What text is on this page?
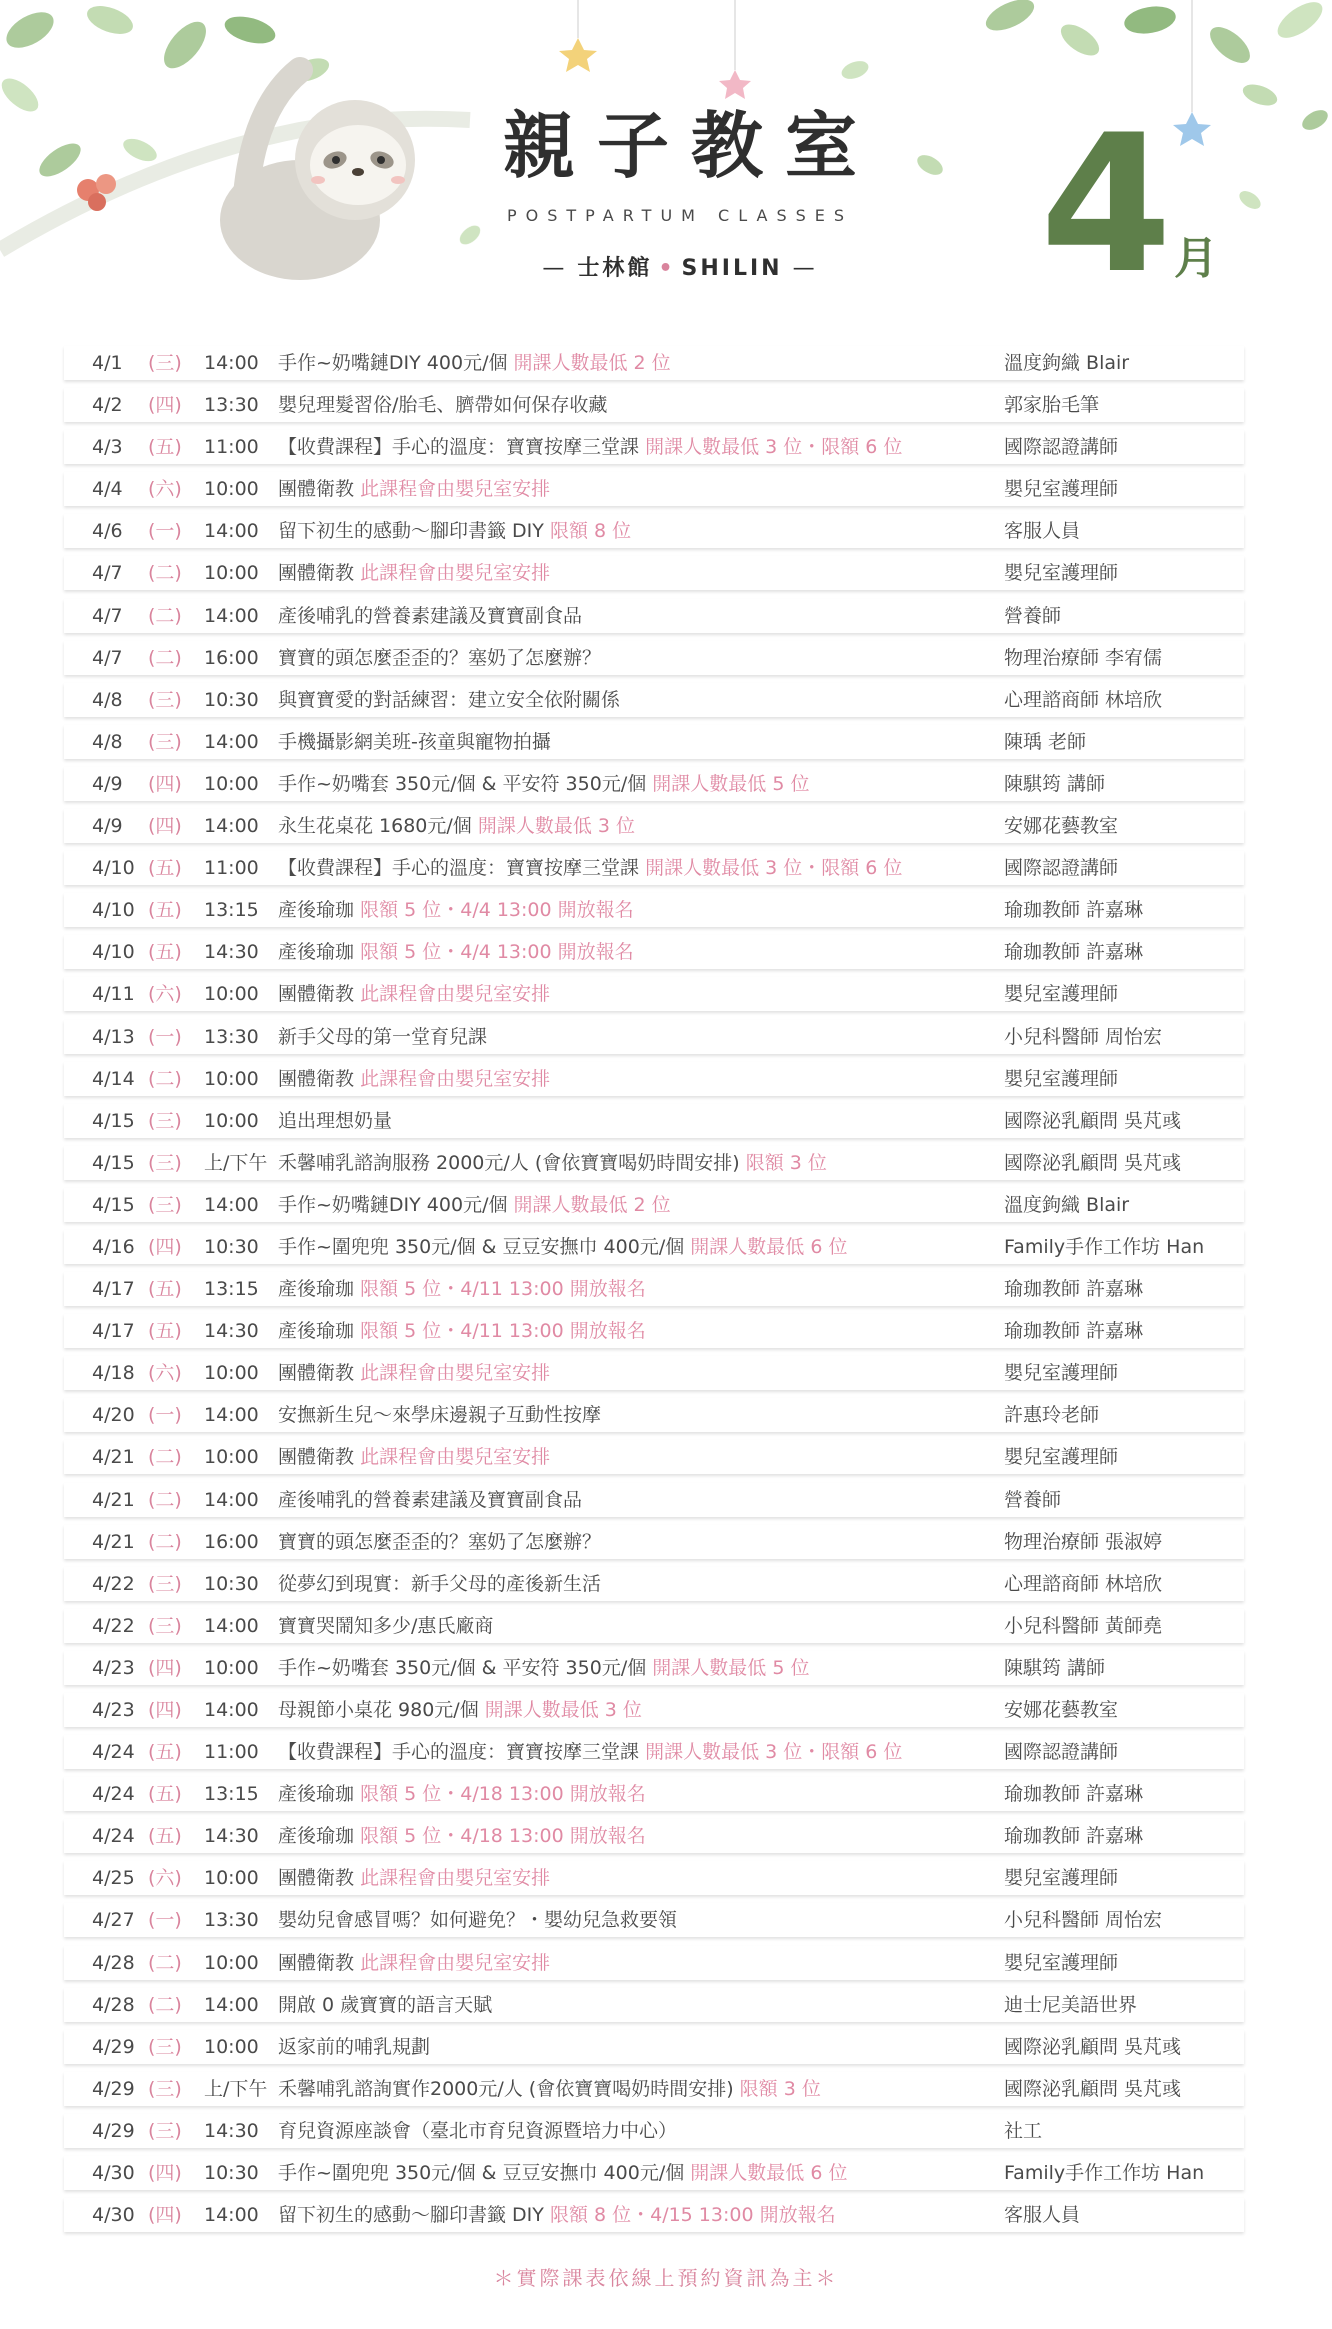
親子教室
POSTPARTUM CLASSES
— 士林館 • SHILIN —	4 月
4/1 (三) 14:00 手作~奶嘴鏈DIY 400元/個 開課人數最低 2 位	溫度鉤織 Blair
4/2 (四) 13:30 嬰兒理髮習俗/胎毛、臍帶如何保存收藏	郭家胎毛筆
4/3 (五) 11:00 【收費課程】手心的溫度：寶寶按摩三堂課 開課人數最低 3 位・限額 6 位	國際認證講師
4/4 (六) 10:00 團體衛教 此課程會由嬰兒室安排	嬰兒室護理師
4/6 (一) 14:00 留下初生的感動～腳印書籤 DIY 限額 8 位	客服人員
4/7 (二) 10:00 團體衛教 此課程會由嬰兒室安排	嬰兒室護理師
4/7 (二) 14:00 產後哺乳的營養素建議及寶寶副食品	營養師
4/7 (二) 16:00 寶寶的頭怎麼歪歪的？塞奶了怎麼辦？	物理治療師 李宥儒
4/8 (三) 10:30 與寶寶愛的對話練習：建立安全依附關係	心理諮商師 林培欣
4/8 (三) 14:00 手機攝影網美班-孩童與寵物拍攝	陳瑀 老師
4/9 (四) 10:00 手作~奶嘴套 350元/個 & 平安符 350元/個 開課人數最低 5 位	陳騏筠 講師
4/9 (四) 14:00 永生花桌花 1680元/個 開課人數最低 3 位	安娜花藝教室
4/10 (五) 11:00 【收費課程】手心的溫度：寶寶按摩三堂課 開課人數最低 3 位・限額 6 位	國際認證講師
4/10 (五) 13:15 產後瑜珈 限額 5 位・4/4 13:00 開放報名	瑜珈教師 許嘉琳
4/10 (五) 14:30 產後瑜珈 限額 5 位・4/4 13:00 開放報名	瑜珈教師 許嘉琳
4/11 (六) 10:00 團體衛教 此課程會由嬰兒室安排	嬰兒室護理師
4/13 (一) 13:30 新手父母的第一堂育兒課	小兒科醫師 周怡宏
4/14 (二) 10:00 團體衛教 此課程會由嬰兒室安排	嬰兒室護理師
4/15 (三) 10:00 追出理想奶量	國際泌乳顧問 吳芃彧
4/15 (三) 上/下午 禾馨哺乳諮詢服務 2000元/人 (會依寶寶喝奶時間安排) 限額 3 位	國際泌乳顧問 吳芃彧
4/15 (三) 14:00 手作~奶嘴鏈DIY 400元/個 開課人數最低 2 位	溫度鉤織 Blair
4/16 (四) 10:30 手作~圍兜兜 350元/個 & 豆豆安撫巾 400元/個 開課人數最低 6 位	Family手作工作坊 Han
4/17 (五) 13:15 產後瑜珈 限額 5 位・4/11 13:00 開放報名	瑜珈教師 許嘉琳
4/17 (五) 14:30 產後瑜珈 限額 5 位・4/11 13:00 開放報名	瑜珈教師 許嘉琳
4/18 (六) 10:00 團體衛教 此課程會由嬰兒室安排	嬰兒室護理師
4/20 (一) 14:00 安撫新生兒～來學床邊親子互動性按摩	許惠玲老師
4/21 (二) 10:00 團體衛教 此課程會由嬰兒室安排	嬰兒室護理師
4/21 (二) 14:00 產後哺乳的營養素建議及寶寶副食品	營養師
4/21 (二) 16:00 寶寶的頭怎麼歪歪的？塞奶了怎麼辦？	物理治療師 張淑婷
4/22 (三) 10:30 從夢幻到現實：新手父母的產後新生活	心理諮商師 林培欣
4/22 (三) 14:00 寶寶哭鬧知多少/惠氏廠商	小兒科醫師 黃師堯
4/23 (四) 10:00 手作~奶嘴套 350元/個 & 平安符 350元/個 開課人數最低 5 位	陳騏筠 講師
4/23 (四) 14:00 母親節小桌花 980元/個 開課人數最低 3 位	安娜花藝教室
4/24 (五) 11:00 【收費課程】手心的溫度：寶寶按摩三堂課 開課人數最低 3 位・限額 6 位	國際認證講師
4/24 (五) 13:15 產後瑜珈 限額 5 位・4/18 13:00 開放報名	瑜珈教師 許嘉琳
4/24 (五) 14:30 產後瑜珈 限額 5 位・4/18 13:00 開放報名	瑜珈教師 許嘉琳
4/25 (六) 10:00 團體衛教 此課程會由嬰兒室安排	嬰兒室護理師
4/27 (一) 13:30 嬰幼兒會感冒嗎？如何避免？・嬰幼兒急救要領	小兒科醫師 周怡宏
4/28 (二) 10:00 團體衛教 此課程會由嬰兒室安排	嬰兒室護理師
4/28 (二) 14:00 開啟 0 歲寶寶的語言天賦	迪士尼美語世界
4/29 (三) 10:00 返家前的哺乳規劃	國際泌乳顧問 吳芃彧
4/29 (三) 上/下午 禾馨哺乳諮詢實作2000元/人 (會依寶寶喝奶時間安排) 限額 3 位	國際泌乳顧問 吳芃彧
4/29 (三) 14:30 育兒資源座談會（臺北市育兒資源暨培力中心）	社工
4/30 (四) 10:30 手作~圍兜兜 350元/個 & 豆豆安撫巾 400元/個 開課人數最低 6 位	Family手作工作坊 Han
4/30 (四) 14:00 留下初生的感動～腳印書籤 DIY 限額 8 位・4/15 13:00 開放報名	客服人員
＊實際課表依線上預約資訊為主＊
